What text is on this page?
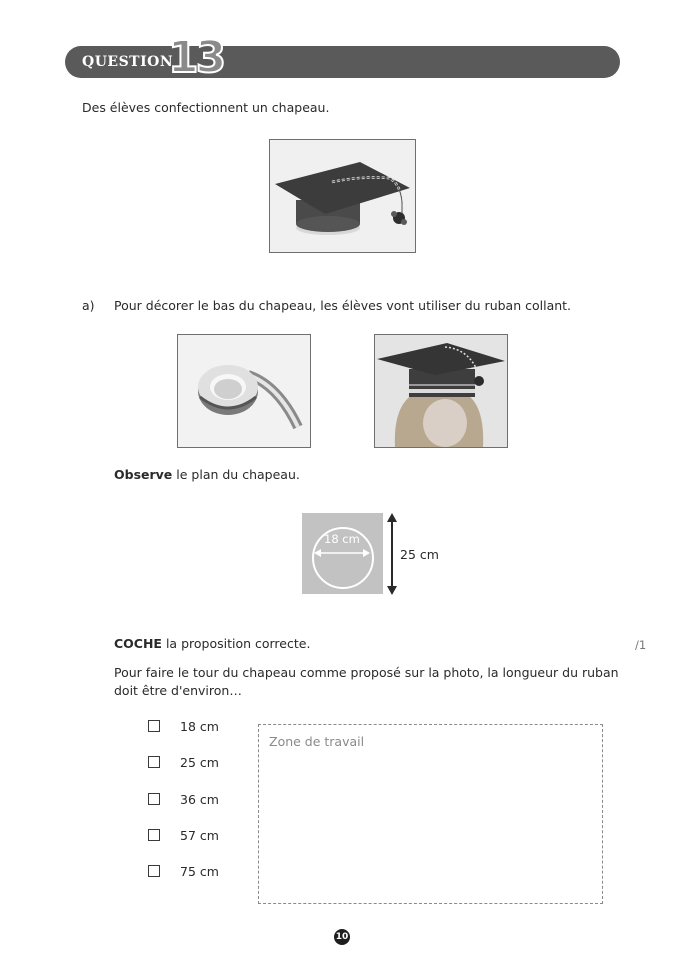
QUESTION
13
Des élèves confectionnent un chapeau.
a) Pour décorer le bas du chapeau, les élèves vont utiliser du ruban collant.
Observe le plan du chapeau.
18 cm
25 cm
COCHE la proposition correcte.	/1
Pour faire le tour du chapeau comme proposé sur la photo, la longueur du ruban
doit être d'environ…
18 cm
25 cm
36 cm
57 cm
75 cm
Zone de travail
10
